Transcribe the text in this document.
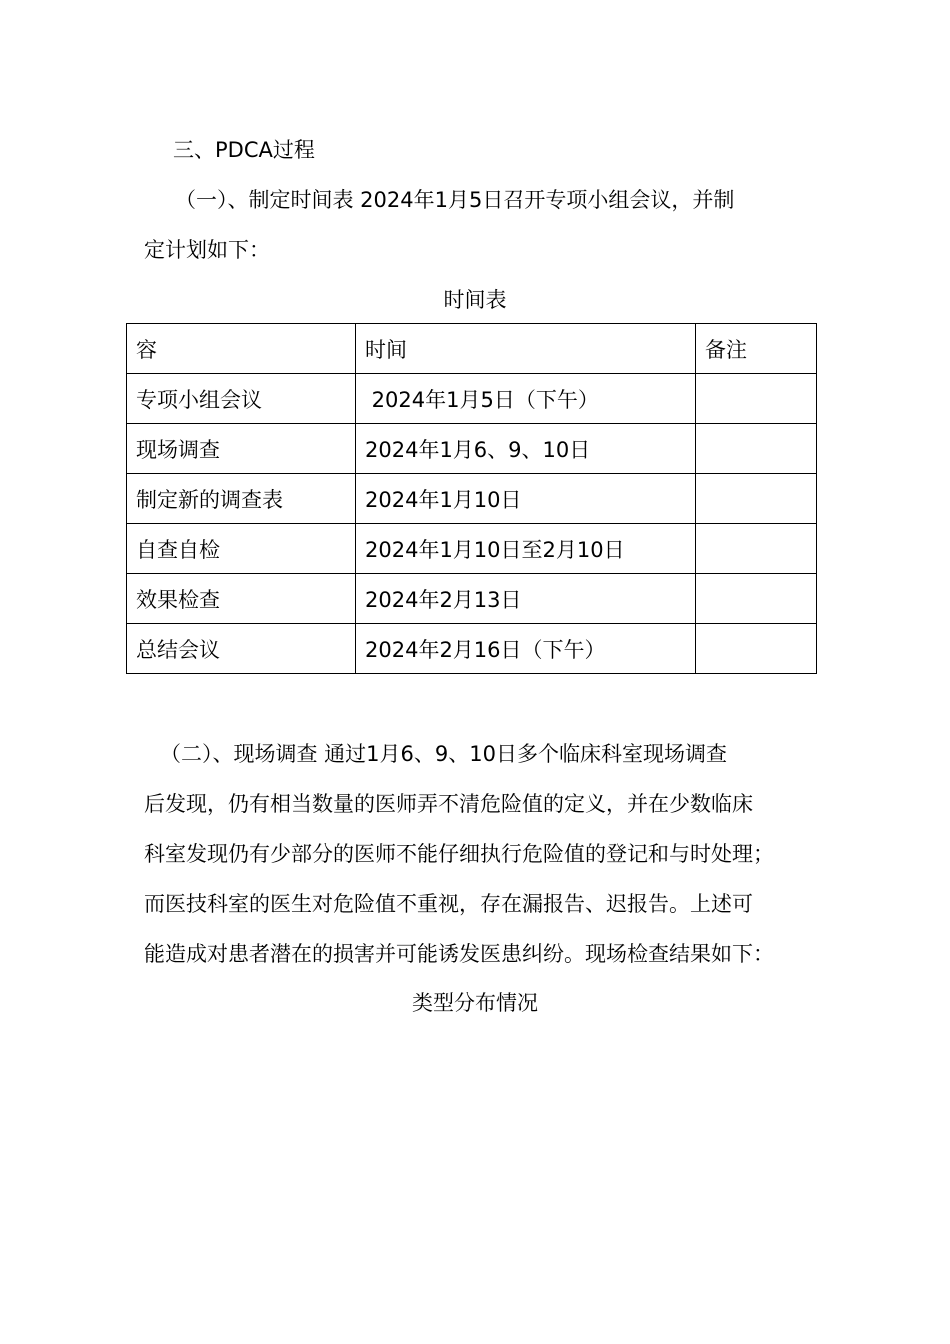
三、PDCA过程
（一）、制定时间表 2024年1月5日召开专项小组会议，并制
定计划如下：
时间表
容	时间	备注
专项小组会议	2024年1月5日（下午）	
现场调查	2024年1月6、9、10日	
制定新的调查表	2024年1月10日	
自查自检	2024年1月10日至2月10日	
效果检查	2024年2月13日	
总结会议	2024年2月16日（下午）	
（二）、现场调查 通过1月6、9、10日多个临床科室现场调查
后发现，仍有相当数量的医师弄不清危险值的定义，并在少数临床
科室发现仍有少部分的医师不能仔细执行危险值的登记和与时处理；
而医技科室的医生对危险值不重视，存在漏报告、迟报告。上述可
能造成对患者潜在的损害并可能诱发医患纠纷。现场检查结果如下：
类型分布情况
